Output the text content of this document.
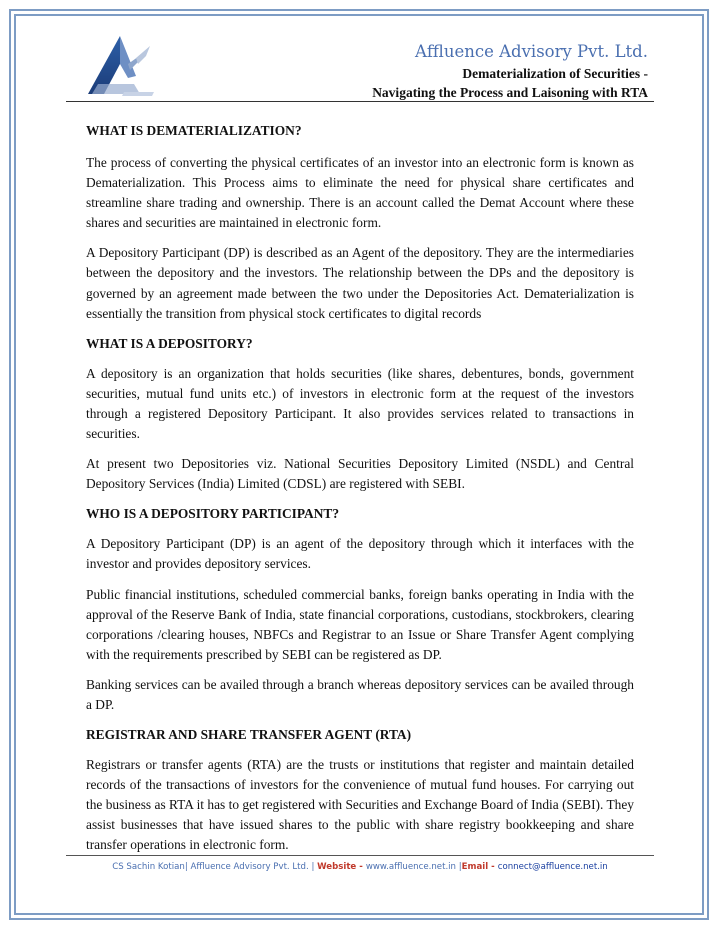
Affluence Advisory Pvt. Ltd.
Dematerialization of Securities -
Navigating the Process and Laisoning with RTA
WHAT IS DEMATERIALIZATION?

The process of converting the physical certificates of an investor into an electronic form is known as Dematerialization. This Process aims to eliminate the need for physical share certificates and streamline share trading and ownership. There is an account called the Demat Account where these shares and securities are maintained in electronic form.

A Depository Participant (DP) is described as an Agent of the depository. They are the intermediaries between the depository and the investors. The relationship between the DPs and the depository is governed by an agreement made between the two under the Depositories Act. Dematerialization is essentially the transition from physical stock certificates to digital records

WHAT IS A DEPOSITORY?

A depository is an organization that holds securities (like shares, debentures, bonds, government securities, mutual fund units etc.) of investors in electronic form at the request of the investors through a registered Depository Participant. It also provides services related to transactions in securities.

At present two Depositories viz. National Securities Depository Limited (NSDL) and Central Depository Services (India) Limited (CDSL) are registered with SEBI.

WHO IS A DEPOSITORY PARTICIPANT?

A Depository Participant (DP) is an agent of the depository through which it interfaces with the investor and provides depository services.

Public financial institutions, scheduled commercial banks, foreign banks operating in India with the approval of the Reserve Bank of India, state financial corporations, custodians, stockbrokers, clearing corporations /clearing houses, NBFCs and Registrar to an Issue or Share Transfer Agent complying with the requirements prescribed by SEBI can be registered as DP.

Banking services can be availed through a branch whereas depository services can be availed through a DP.

REGISTRAR AND SHARE TRANSFER AGENT (RTA)

Registrars or transfer agents (RTA) are the trusts or institutions that register and maintain detailed records of the transactions of investors for the convenience of mutual fund houses. For carrying out the business as RTA it has to get registered with Securities and Exchange Board of India (SEBI). They assist businesses that have issued shares to the public with share registry bookkeeping and share transfer operations in electronic form.

CS Sachin Kotian| Affluence Advisory Pvt. Ltd. | Website - www.affluence.net.in |Email - connect@affluence.net.in
